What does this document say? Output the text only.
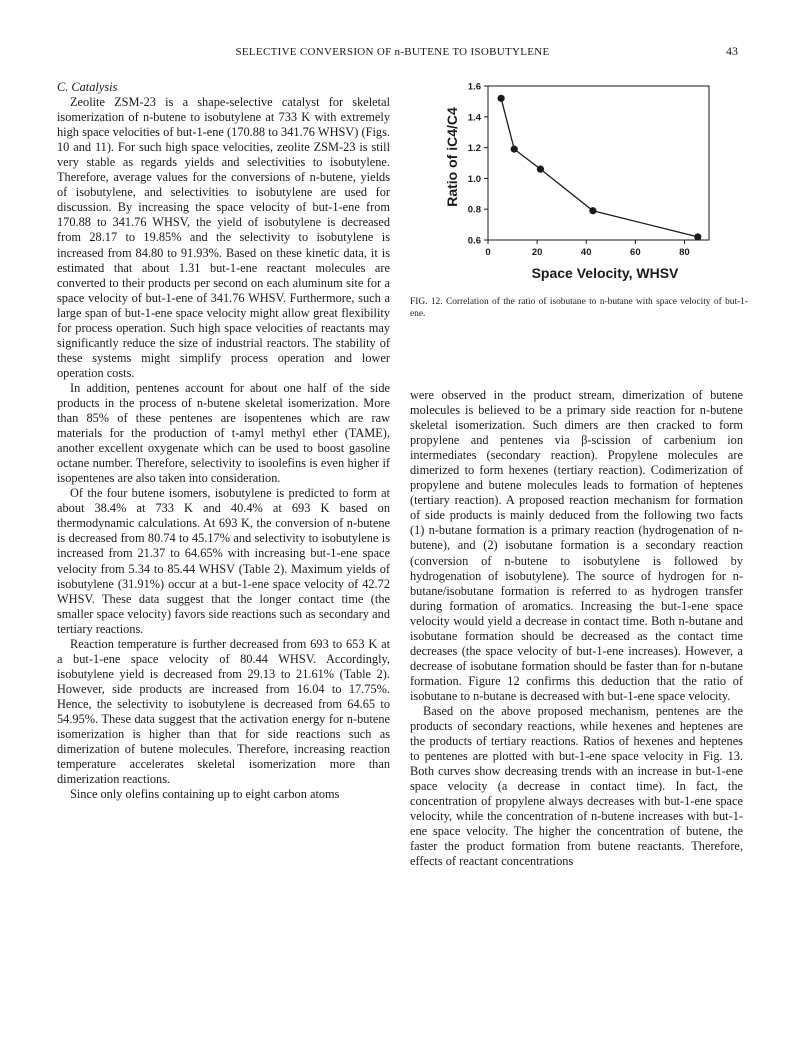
SELECTIVE CONVERSION OF n-BUTENE TO ISOBUTYLENE	43

C. Catalysis

Zeolite ZSM-23 is a shape-selective catalyst for skeletal isomerization of n-butene to isobutylene at 733 K with extremely high space velocities of but-1-ene (170.88 to 341.76 WHSV) (Figs. 10 and 11). For such high space velocities, zeolite ZSM-23 is still very stable as regards yields and selectivities to isobutylene. Therefore, average values for the conversions of n-butene, yields of isobutylene, and selectivities to isobutylene are used for discussion. By increasing the space velocity of but-1-ene from 170.88 to 341.76 WHSV, the yield of isobutylene is decreased from 28.17 to 19.85% and the selectivity to isobutylene is increased from 84.80 to 91.93%. Based on these kinetic data, it is estimated that about 1.31 but-1-ene reactant molecules are converted to their products per second on each aluminum site for a space velocity of but-1-ene of 341.76 WHSV. Furthermore, such a large span of but-1-ene space velocity might allow great flexibility for process operation. Such high space velocities of reactants may significantly reduce the size of industrial reactors. The stability of these systems might simplify process operation and lower operation costs.

In addition, pentenes account for about one half of the side products in the process of n-butene skeletal isomerization. More than 85% of these pentenes are isopentenes which are raw materials for the production of t-amyl methyl ether (TAME), another excellent oxygenate which can be used to boost gasoline octane number. Therefore, selectivity to isoolefins is even higher if isopentenes are also taken into consideration.

Of the four butene isomers, isobutylene is predicted to form at about 38.4% at 733 K and 40.4% at 693 K based on thermodynamic calculations. At 693 K, the conversion of n-butene is decreased from 80.74 to 45.17% and selectivity to isobutylene is increased from 21.37 to 64.65% with increasing but-1-ene space velocity from 5.34 to 85.44 WHSV (Table 2). Maximum yields of isobutylene (31.91%) occur at a but-1-ene space velocity of 42.72 WHSV. These data suggest that the longer contact time (the smaller space velocity) favors side reactions such as secondary and tertiary reactions.

Reaction temperature is further decreased from 693 to 653 K at a but-1-ene space velocity of 80.44 WHSV. Accordingly, isobutylene yield is decreased from 29.13 to 21.61% (Table 2). However, side products are increased from 16.04 to 17.75%. Hence, the selectivity to isobutylene is decreased from 64.65 to 54.95%. These data suggest that the activation energy for n-butene isomerization is higher than that for side reactions such as dimerization of butene molecules. Therefore, increasing reaction temperature accelerates skeletal isomerization more than dimerization reactions.

Since only olefins containing up to eight carbon atoms

0.6
0.8
1.0
1.2
1.4
1.6
0	20	40	60	80
Ratio of iC4/C4
Space Velocity, WHSV
FIG. 12. Correlation of the ratio of isobutane to n-butane with space velocity of but-1-ene.

were observed in the product stream, dimerization of butene molecules is believed to be a primary side reaction for n-butene skeletal isomerization. Such dimers are then cracked to form propylene and pentenes via β-scission of carbenium ion intermediates (secondary reaction). Propylene molecules are dimerized to form hexenes (tertiary reaction). Codimerization of propylene and butene molecules leads to formation of heptenes (tertiary reaction). A proposed reaction mechanism for formation of side products is mainly deduced from the following two facts (1) n-butane formation is a primary reaction (hydrogenation of n-butene), and (2) isobutane formation is a secondary reaction (conversion of n-butene to isobutylene is followed by hydrogenation of isobutylene). The source of hydrogen for n-butane/isobutane formation is referred to as hydrogen transfer during formation of aromatics. Increasing the but-1-ene space velocity would yield a decrease in contact time. Both n-butane and isobutane formation should be decreased as the contact time decreases (the space velocity of but-1-ene increases). However, a decrease of isobutane formation should be faster than for n-butane formation. Figure 12 confirms this deduction that the ratio of isobutane to n-butane is decreased with but-1-ene space velocity.

Based on the above proposed mechanism, pentenes are the products of secondary reactions, while hexenes and heptenes are the products of tertiary reactions. Ratios of hexenes and heptenes to pentenes are plotted with but-1-ene space velocity in Fig. 13. Both curves show decreasing trends with an increase in but-1-ene space velocity (a decrease in contact time). In fact, the concentration of propylene always decreases with but-1-ene space velocity, while the concentration of n-butene increases with but-1-ene space velocity. The higher the concentration of butene, the faster the product formation from butene reactants. Therefore, effects of reactant concentrations
